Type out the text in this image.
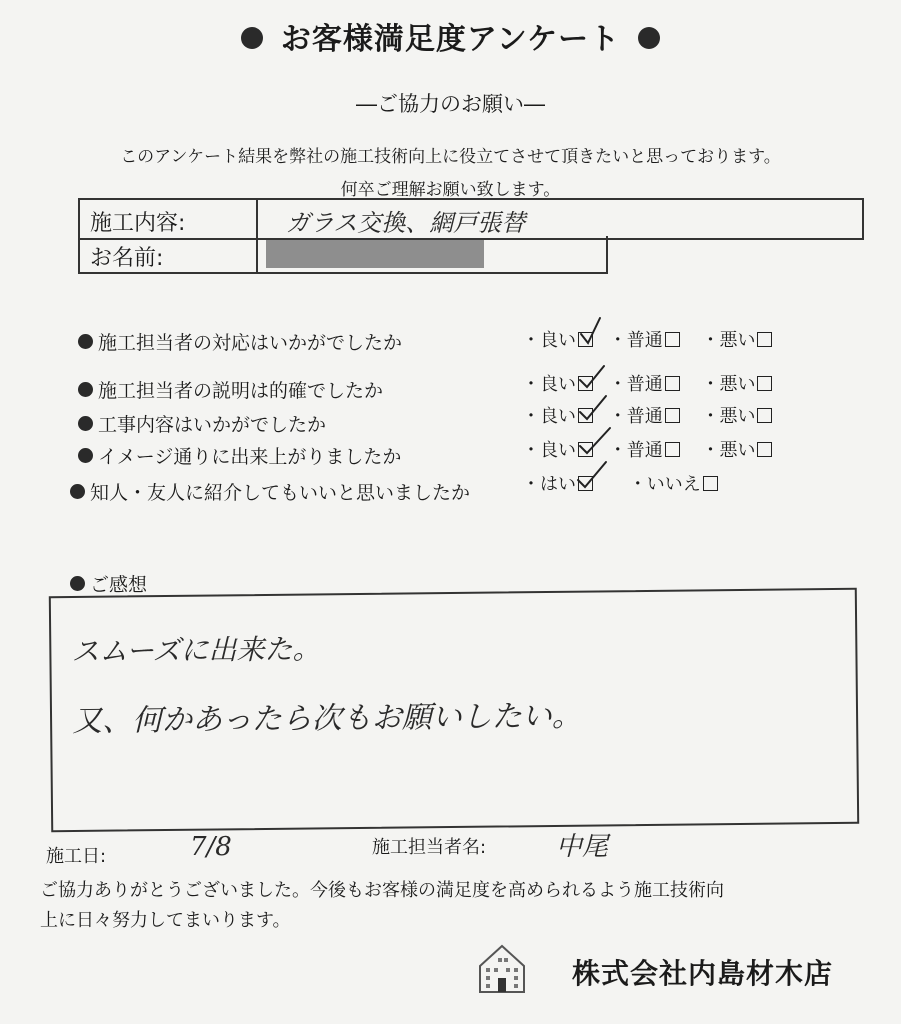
お客様満足度アンケート
―ご協力のお願い―
このアンケート結果を弊社の施工技術向上に役立てさせて頂きたいと思っております。
何卒ご理解お願い致します。
施工内容:	ガラス交換、網戸張替
お名前:
施工担当者の対応はいかがでしたか	・良い ・普通 ・悪い
施工担当者の説明は的確でしたか	・良い ・普通 ・悪い
工事内容はいかがでしたか	・良い ・普通 ・悪い
イメージ通りに出来上がりましたか	・良い ・普通 ・悪い
知人・友人に紹介してもいいと思いましたか	・はい	・いいえ
ご感想
スムーズに出来た。
又、何かあったら次もお願いしたい。
施工日:	7/8	施工担当者名:	中尾
ご協力ありがとうございました。今後もお客様の満足度を高められるよう施工技術向
上に日々努力してまいります。
株式会社内島材木店
